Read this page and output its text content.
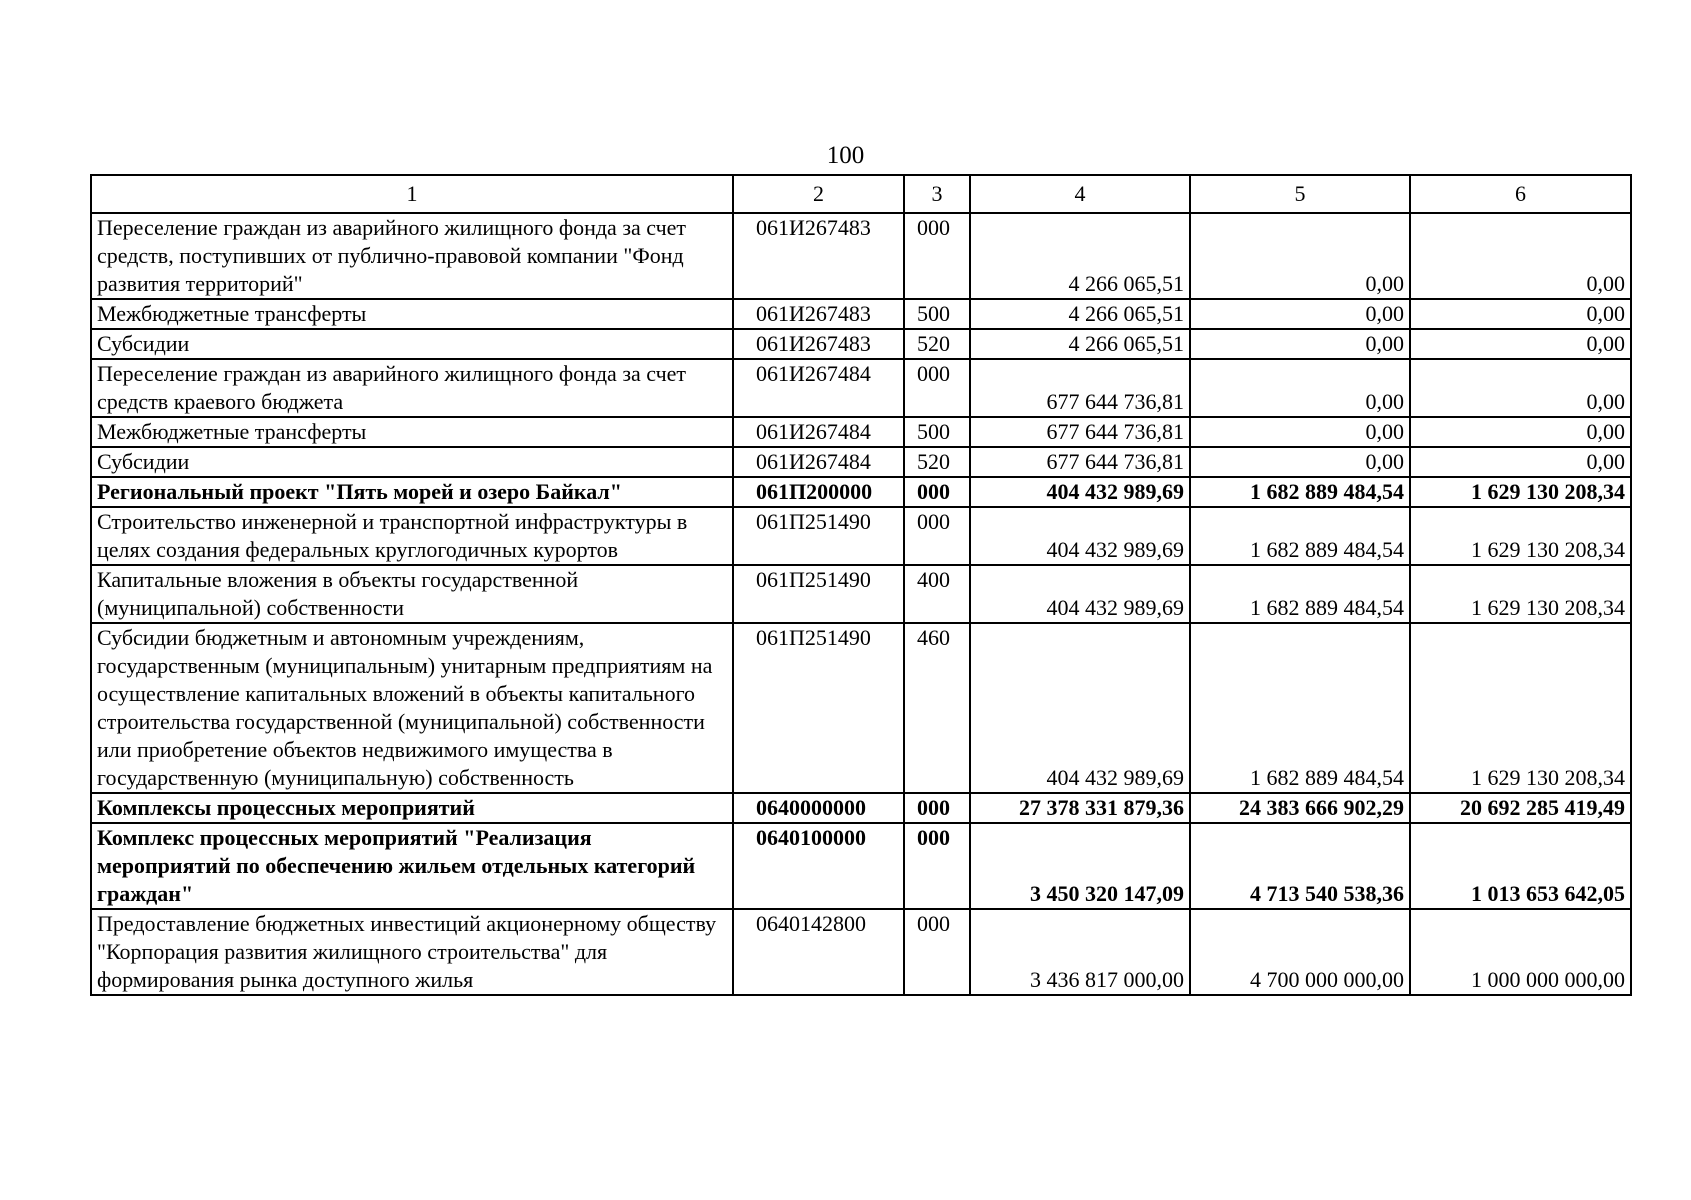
100
1	2	3	4	5	6
Переселение граждан из аварийного жилищного фонда за счет средств, поступивших от публично-правовой компании "Фонд развития территорий"	061И267483	000	4 266 065,51	0,00	0,00
Межбюджетные трансферты	061И267483	500	4 266 065,51	0,00	0,00
Субсидии	061И267483	520	4 266 065,51	0,00	0,00
Переселение граждан из аварийного жилищного фонда за счет средств краевого бюджета	061И267484	000	677 644 736,81	0,00	0,00
Межбюджетные трансферты	061И267484	500	677 644 736,81	0,00	0,00
Субсидии	061И267484	520	677 644 736,81	0,00	0,00
Региональный проект "Пять морей и озеро Байкал"	061П200000	000	404 432 989,69	1 682 889 484,54	1 629 130 208,34
Строительство инженерной и транспортной инфраструктуры в целях создания федеральных круглогодичных курортов	061П251490	000	404 432 989,69	1 682 889 484,54	1 629 130 208,34
Капитальные вложения в объекты государственной (муниципальной) собственности	061П251490	400	404 432 989,69	1 682 889 484,54	1 629 130 208,34
Субсидии бюджетным и автономным учреждениям, государственным (муниципальным) унитарным предприятиям на осуществление капитальных вложений в объекты капитального строительства государственной (муниципальной) собственности или приобретение объектов недвижимого имущества в государственную (муниципальную) собственность	061П251490	460	404 432 989,69	1 682 889 484,54	1 629 130 208,34
Комплексы процессных мероприятий	0640000000	000	27 378 331 879,36	24 383 666 902,29	20 692 285 419,49
Комплекс процессных мероприятий "Реализация мероприятий по обеспечению жильем отдельных категорий граждан"	0640100000	000	3 450 320 147,09	4 713 540 538,36	1 013 653 642,05
Предоставление бюджетных инвестиций акционерному обществу "Корпорация развития жилищного строительства" для формирования рынка доступного жилья	0640142800	000	3 436 817 000,00	4 700 000 000,00	1 000 000 000,00
